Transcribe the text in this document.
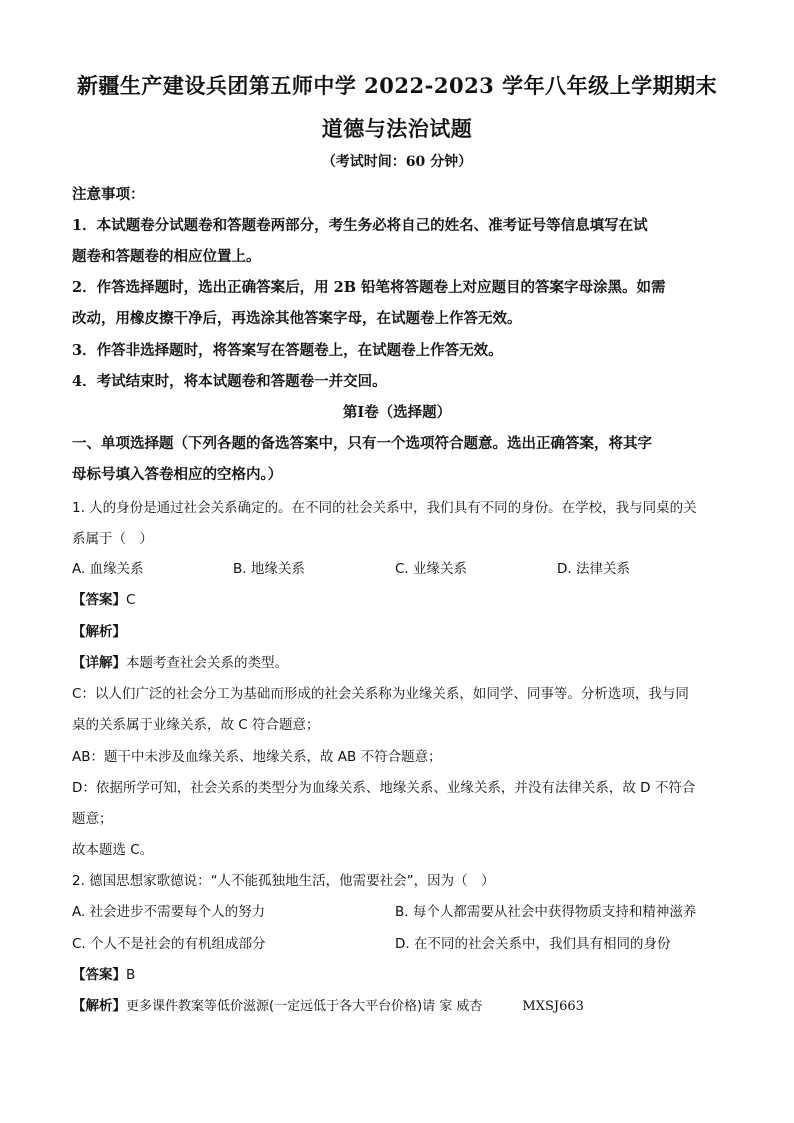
新疆生产建设兵团第五师中学 2022-2023 学年八年级上学期期末
道德与法治试题
（考试时间：60 分钟）
注意事项：
1．本试题卷分试题卷和答题卷两部分，考生务必将自己的姓名、准考证号等信息填写在试
题卷和答题卷的相应位置上。
2．作答选择题时，选出正确答案后，用 2B 铅笔将答题卷上对应题目的答案字母涂黑。如需
改动，用橡皮擦干净后，再选涂其他答案字母，在试题卷上作答无效。
3．作答非选择题时，将答案写在答题卷上，在试题卷上作答无效。
4．考试结束时，将本试题卷和答题卷一并交回。
第Ⅰ卷（选择题）
一、单项选择题（下列各题的备选答案中，只有一个选项符合题意。选出正确答案，将其字
母标号填入答卷相应的空格内。）
1. 人的身份是通过社会关系确定的。在不同的社会关系中，我们具有不同的身份。在学校，我与同桌的关
系属于（　）
A. 血缘关系	B. 地缘关系	C. 业缘关系	D. 法律关系
【答案】C
【解析】
【详解】本题考查社会关系的类型。
C：以人们广泛的社会分工为基础而形成的社会关系称为业缘关系，如同学、同事等。分析选项，我与同
桌的关系属于业缘关系，故 C 符合题意；
AB：题干中未涉及血缘关系、地缘关系，故 AB 不符合题意；
D：依据所学可知，社会关系的类型分为血缘关系、地缘关系、业缘关系，并没有法律关系，故 D 不符合
题意；
故本题选 C。
2. 德国思想家歌德说：“人不能孤独地生活，他需要社会”，因为（　）
A. 社会进步不需要每个人的努力	B. 每个人都需要从社会中获得物质支持和精神滋养
C. 个人不是社会的有机组成部分	D. 在不同的社会关系中，我们具有相同的身份
【答案】B
【解析】更多课件教案等低价滋源(一定远低于各大平台价格)请 家 威杏	MXSJ663
